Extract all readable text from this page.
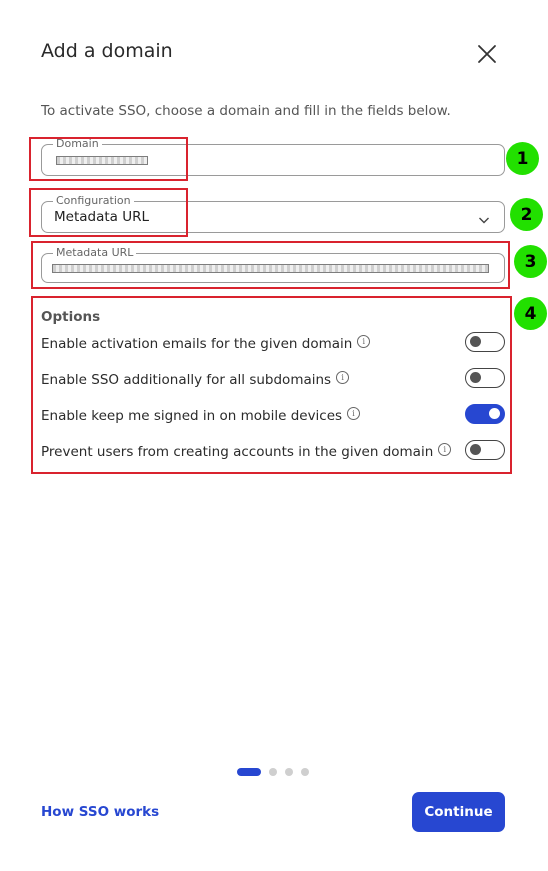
Add a domain
To activate SSO, choose a domain and fill in the fields below.
Domain
1
Configuration
Metadata URL	2
Metadata URL	3
4
Options
Enable activation emails for the given domain i
Enable SSO additionally for all subdomains i
Enable keep me signed in on mobile devices i
Prevent users from creating accounts in the given domain i
How SSO works	Continue
